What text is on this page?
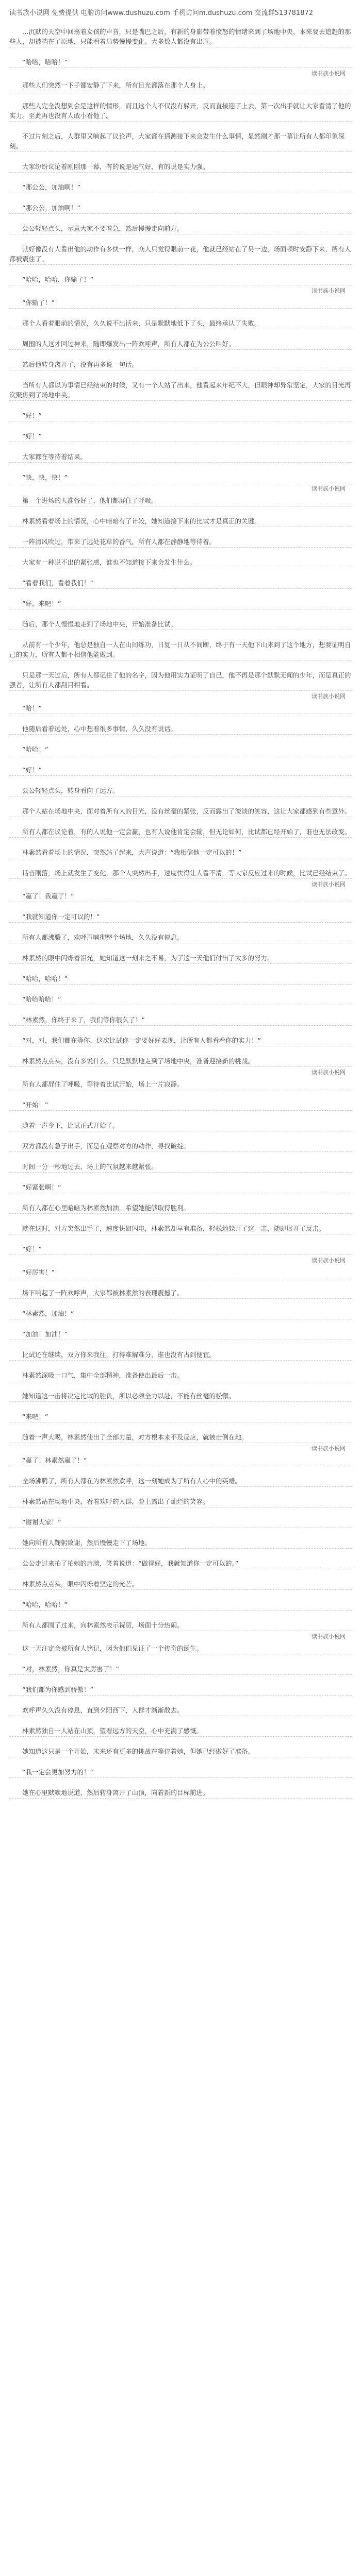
读书族小说网 免费提供 电脑访问www.dushuzu.com 手机访问m.dushuzu.com 交流群513781872

…沉默的天空中回荡着女孩的声音，只是嘴巴之后，有新的身影带着愤怒的情绪来到了场地中央，本来要去追赶的那些人，却被挡在了原地，只能看着局势慢慢变化。大多数人都没有出声。

“哈哈，哈哈！”

读书族小说网

那些人们突然一下子都安静了下来，所有目光都落在那个人身上。

那些人完全没想到会是这样的情形，而且这个人不仅没有躲开，反而直接迎了上去，第一次出手就让大家看清了他的实力。至此再也没有人敢小看他了。

不过片刻之后，人群里又响起了议论声，大家都在猜测接下来会发生什么事情，显然刚才那一幕让所有人都印象深刻。

大家纷纷议论着刚刚那一幕，有的说是运气好，有的说是实力强。

“那公公，加油啊！”

“那公公，加油啊！”

公公轻轻点头，示意大家不要着急，然后慢慢走向前方。

就好像没有人看出他的动作有多快一样，众人只觉得眼前一花，他就已经站在了另一边，场面顿时安静下来，所有人都被震住了。

“哈哈，哈哈，你输了！”

读书族小说网

“你输了！”

那个人看着眼前的情况，久久说不出话来，只是默默地低下了头，最终承认了失败。

周围的人这才回过神来，随即爆发出一阵欢呼声，所有人都在为公公叫好。

然后他转身离开了，没有再多说一句话。

当所有人都以为事情已经结束的时候，又有一个人站了出来，他看起来年纪不大，但眼神却异常坚定，大家的目光再次聚焦到了场地中央。

“好！”

“好！”

大家都在等待着结果。

“快，快，快！”

读书族小说网

第一个进场的人准备好了，他们都屏住了呼吸。

林素然看着场上的情况，心中暗暗有了计较，她知道接下来的比试才是真正的关键。

一阵清风吹过，带来了远处花草的香气，所有人都在静静地等待着。

大家有一种说不出的紧张感，谁也不知道接下来会发生什么。

“看着我们，看着我们！”

“好，来吧！”

随后，那个人慢慢地走到了场地中央，开始准备比试。

从前有一个少年，他总是独自一人在山间练功，日复一日从不间断，终于有一天他下山来到了这个地方，想要证明自己的实力，所有人都不相信他能做到。

只是那一天过后，所有人都记住了他的名字，因为他用实力证明了自己，他不再是那个默默无闻的少年，而是真正的强者，让所有人都刮目相看。

读书族小说网

“哈！”

他随后看着远处，心中想着很多事情，久久没有说话。

“哈哈！”

“好！”

公公轻轻点头，转身看向了远方。

那个人站在场地中央，面对着所有人的目光，没有丝毫的紧张，反而露出了淡淡的笑容，这让大家都感到有些意外。

所有人都在议论着，有的人说他一定会赢，也有人说他肯定会输，但无论如何，比试都已经开始了，谁也无法改变。

林素然看着场上的情况，突然站了起来，大声说道：“我相信他一定可以的！”

话音刚落，场上就发生了变化，那个人突然出手，速度快得让人看不清，等大家反应过来的时候，比试已经结束了。

读书族小说网

“赢了！我赢了！”

“我就知道你一定可以的！”

所有人都沸腾了，欢呼声响彻整个场地，久久没有停息。

林素然的眼中闪烁着泪光，她知道这一刻来之不易，为了这一天他们付出了太多的努力。

“哈哈，哈哈！”

“哈哈哈哈！”

“林素然，你终于来了，我们等你很久了！”

“对，对，我们都在等你，这次比试你一定要好好表现，让所有人都看看你的实力！”

林素然点点头，没有多说什么，只是默默地走到了场地中央，准备迎接新的挑战。

读书族小说网

所有人都屏住了呼吸，等待着比试开始，场上一片寂静。

“开始！”

随着一声令下，比试正式开始了。

双方都没有急于出手，而是在观察对方的动作，寻找破绽。

时间一分一秒地过去，场上的气氛越来越紧张。

“好紧张啊！”

所有人都在心里暗暗为林素然加油，希望她能够取得胜利。

就在这时，对方突然出手了，速度快如闪电，林素然却早有准备，轻松地躲开了这一击，随即展开了反击。

“好！”

读书族小说网

“好厉害！”

场下响起了一阵欢呼声，大家都被林素然的表现震撼了。

“林素然，加油！”

“加油！加油！”

比试还在继续，双方你来我往，打得难解难分，谁也没有占到便宜。

林素然深吸一口气，集中全部精神，准备使出最后一击。

她知道这一击将决定比试的胜负，所以必须全力以赴，不能有丝毫的松懈。

“来吧！”

随着一声大喝，林素然使出了全部力量，对方根本来不及反应，就被击倒在地。

读书族小说网

“赢了！林素然赢了！”

全场沸腾了，所有人都在为林素然欢呼，这一刻她成为了所有人心中的英雄。

林素然站在场地中央，看着欢呼的人群，脸上露出了灿烂的笑容。

“谢谢大家！”

她向所有人鞠躬致谢，然后慢慢走下了场地。

公公走过来拍了拍她的肩膀，笑着说道：“做得好，我就知道你一定可以的。”

林素然点点头，眼中闪烁着坚定的光芒。

“哈哈，哈哈！”

所有人都围了过来，向林素然表示祝贺，场面十分热闹。

读书族小说网

这一天注定会被所有人铭记，因为他们见证了一个传奇的诞生。

“对，林素然，你真是太厉害了！”

“我们都为你感到骄傲！”

欢呼声久久没有停息，直到夕阳西下，人群才渐渐散去。

林素然独自一人站在山顶，望着远方的天空，心中充满了感慨。

她知道这只是一个开始，未来还有更多的挑战在等待着她，但她已经做好了准备。

“我一定会更加努力的！”

她在心里默默地说道，然后转身离开了山顶，向着新的目标前进。
